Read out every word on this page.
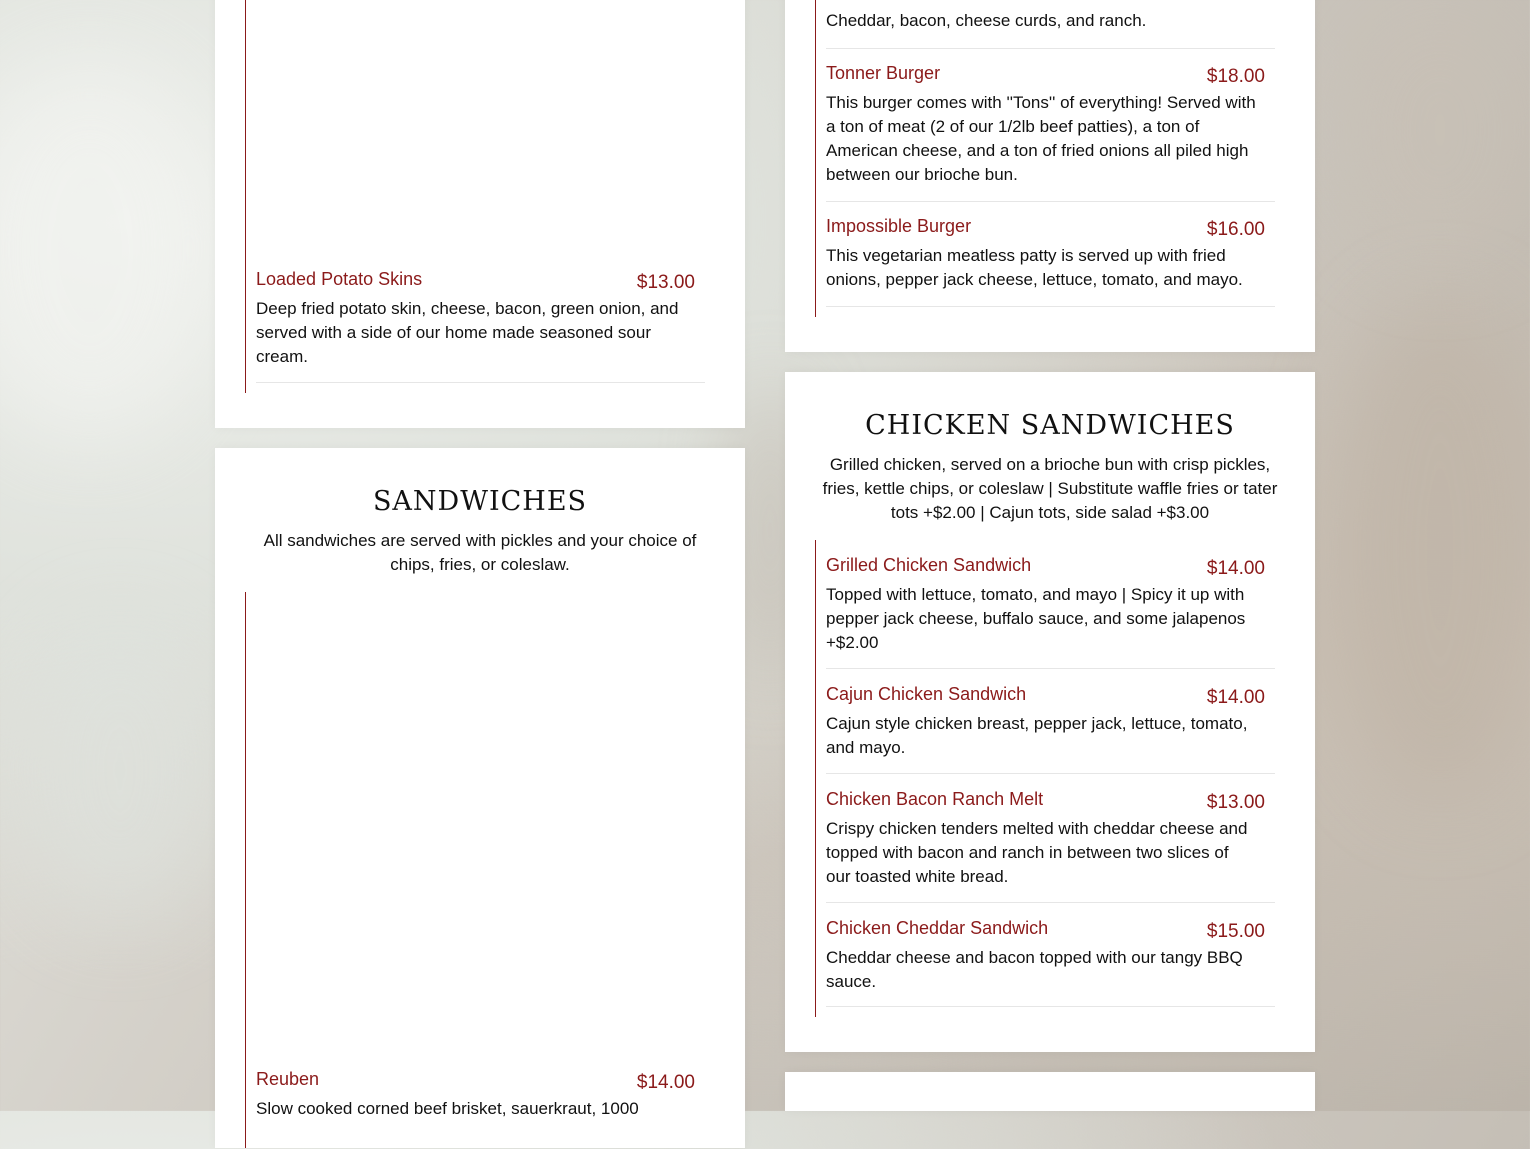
Loaded Potato Skins	$13.00
Deep fried potato skin, cheese, bacon, green onion, and served with a side of our home made seasoned sour cream.
SANDWICHES
All sandwiches are served with pickles and your choice of chips, fries, or coleslaw.
Reuben	$14.00
Slow cooked corned beef brisket, sauerkraut, 1000
Cheddar, bacon, cheese curds, and ranch.
Tonner Burger	$18.00
This burger comes with ''Tons'' of everything! Served with a ton of meat (2 of our 1/2lb beef patties), a ton of American cheese, and a ton of fried onions all piled high between our brioche bun.
Impossible Burger	$16.00
This vegetarian meatless patty is served up with fried onions, pepper jack cheese, lettuce, tomato, and mayo.
CHICKEN SANDWICHES
Grilled chicken, served on a brioche bun with crisp pickles, fries, kettle chips, or coleslaw | Substitute waffle fries or tater tots +$2.00 | Cajun tots, side salad +$3.00
Grilled Chicken Sandwich	$14.00
Topped with lettuce, tomato, and mayo | Spicy it up with pepper jack cheese, buffalo sauce, and some jalapenos +$2.00
Cajun Chicken Sandwich	$14.00
Cajun style chicken breast, pepper jack, lettuce, tomato, and mayo.
Chicken Bacon Ranch Melt	$13.00
Crispy chicken tenders melted with cheddar cheese and topped with bacon and ranch in between two slices of our toasted white bread.
Chicken Cheddar Sandwich	$15.00
Cheddar cheese and bacon topped with our tangy BBQ sauce.
